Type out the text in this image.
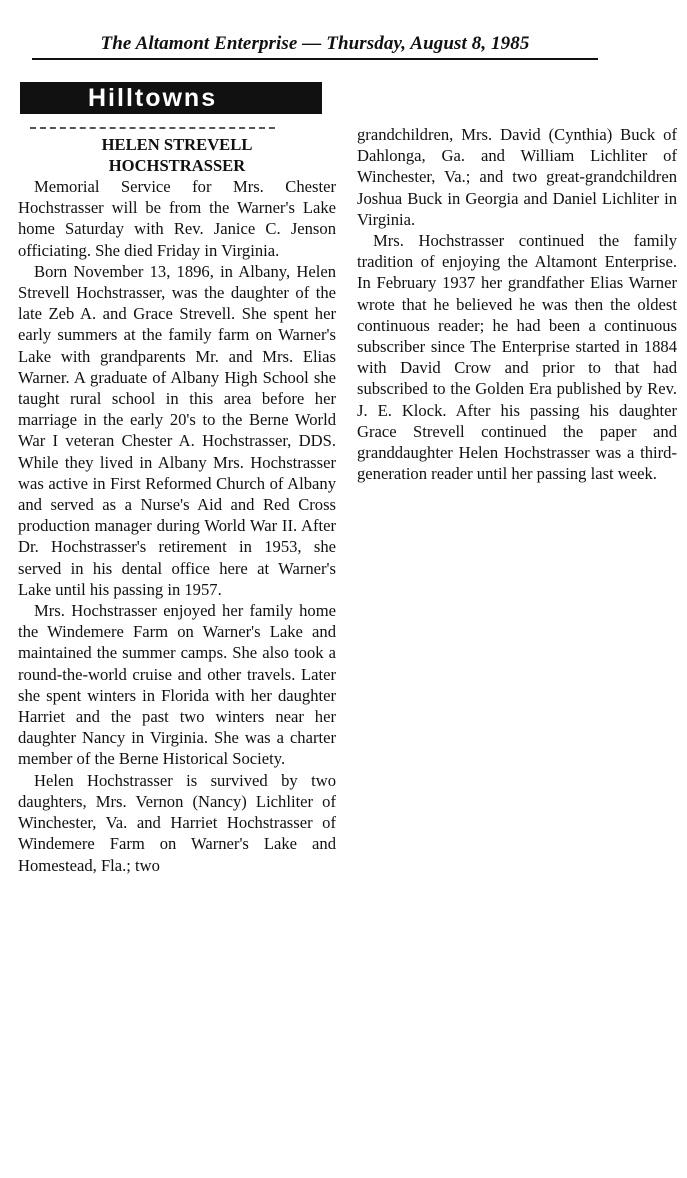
The Altamont Enterprise — Thursday, August 8, 1985
Hilltowns

HELEN STREVELL

HOCHSTRASSER

Memorial Service for Mrs. Chester Hochstrasser will be from the Warner's Lake home Saturday with Rev. Janice C. Jenson officiating. She died Friday in Virginia.

Born November 13, 1896, in Albany, Helen Strevell Hochstrasser, was the daughter of the late Zeb A. and Grace Strevell. She spent her early summers at the family farm on Warner's Lake with grandparents Mr. and Mrs. Elias Warner. A graduate of Albany High School she taught rural school in this area before her marriage in the early 20's to the Berne World War I veteran Chester A. Hochstrasser, DDS. While they lived in Albany Mrs. Hochstrasser was active in First Reformed Church of Albany and served as a Nurse's Aid and Red Cross production manager during World War II. After Dr. Hochstrasser's retirement in 1953, she served in his dental office here at Warner's Lake until his passing in 1957.

Mrs. Hochstrasser enjoyed her family home the Windemere Farm on Warner's Lake and maintained the summer camps. She also took a round-the-world cruise and other travels. Later she spent winters in Florida with her daughter Harriet and the past two winters near her daughter Nancy in Virginia. She was a charter member of the Berne Historical Society.

Helen Hochstrasser is survived by two daughters, Mrs. Vernon (Nancy) Lichliter of Winchester, Va. and Harriet Hochstrasser of Windemere Farm on Warner's Lake and Homestead, Fla.; two

grandchildren, Mrs. David (Cynthia) Buck of Dahlonga, Ga. and William Lichliter of Winchester, Va.; and two great-grandchildren Joshua Buck in Georgia and Daniel Lichliter in Virginia.

Mrs. Hochstrasser continued the family tradition of enjoying the Altamont Enterprise. In February 1937 her grandfather Elias Warner wrote that he believed he was then the oldest continuous reader; he had been a continuous subscriber since The Enterprise started in 1884 with David Crow and prior to that had subscribed to the Golden Era published by Rev. J. E. Klock. After his passing his daughter Grace Strevell continued the paper and granddaughter Helen Hochstrasser was a third-generation reader until her passing last week.
